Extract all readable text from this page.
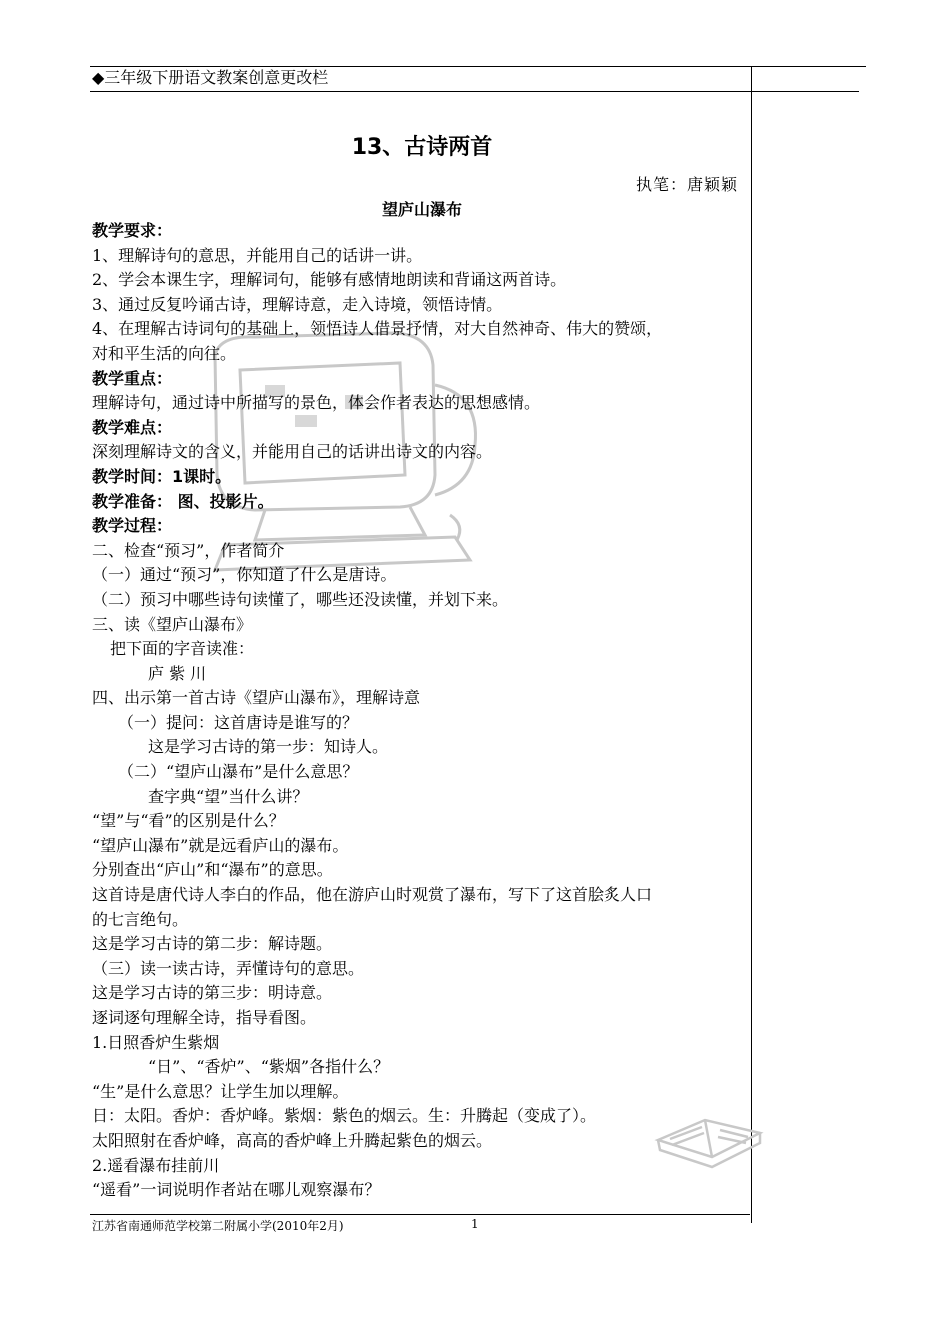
◆三年级下册语文教案创意更改栏
13、古诗两首
执笔：唐颖颖
望庐山瀑布
教学要求：
1、理解诗句的意思，并能用自己的话讲一讲。
2、学会本课生字，理解词句，能够有感情地朗读和背诵这两首诗。
3、通过反复吟诵古诗，理解诗意，走入诗境，领悟诗情。
4、在理解古诗词句的基础上，领悟诗人借景抒情，对大自然神奇、伟大的赞颂，
对和平生活的向往。
教学重点：
理解诗句，通过诗中所描写的景色，体会作者表达的思想感情。
教学难点：
深刻理解诗文的含义，并能用自己的话讲出诗文的内容。
教学时间：1课时。
教学准备： 图、投影片。
教学过程：
二、检查“预习”，作者简介
（一）通过“预习”，你知道了什么是唐诗。
（二）预习中哪些诗句读懂了，哪些还没读懂，并划下来。
三、读《望庐山瀑布》
把下面的字音读准：
庐 紫 川
四、出示第一首古诗《望庐山瀑布》，理解诗意
（一）提问：这首唐诗是谁写的？
这是学习古诗的第一步：知诗人。
（二）“望庐山瀑布”是什么意思？
查字典“望”当什么讲？
“望”与“看”的区别是什么？
“望庐山瀑布”就是远看庐山的瀑布。
分别查出“庐山”和“瀑布”的意思。
这首诗是唐代诗人李白的作品，他在游庐山时观赏了瀑布，写下了这首脍炙人口
的七言绝句。
这是学习古诗的第二步：解诗题。
（三）读一读古诗，弄懂诗句的意思。
这是学习古诗的第三步：明诗意。
逐词逐句理解全诗，指导看图。
1.日照香炉生紫烟
“日”、“香炉”、“紫烟”各指什么？
“生”是什么意思？让学生加以理解。
日：太阳。香炉：香炉峰。紫烟：紫色的烟云。生：升腾起（变成了）。
太阳照射在香炉峰，高高的香炉峰上升腾起紫色的烟云。
2.遥看瀑布挂前川
“遥看”一词说明作者站在哪儿观察瀑布？
江苏省南通师范学校第二附属小学(2010年2月)	1
